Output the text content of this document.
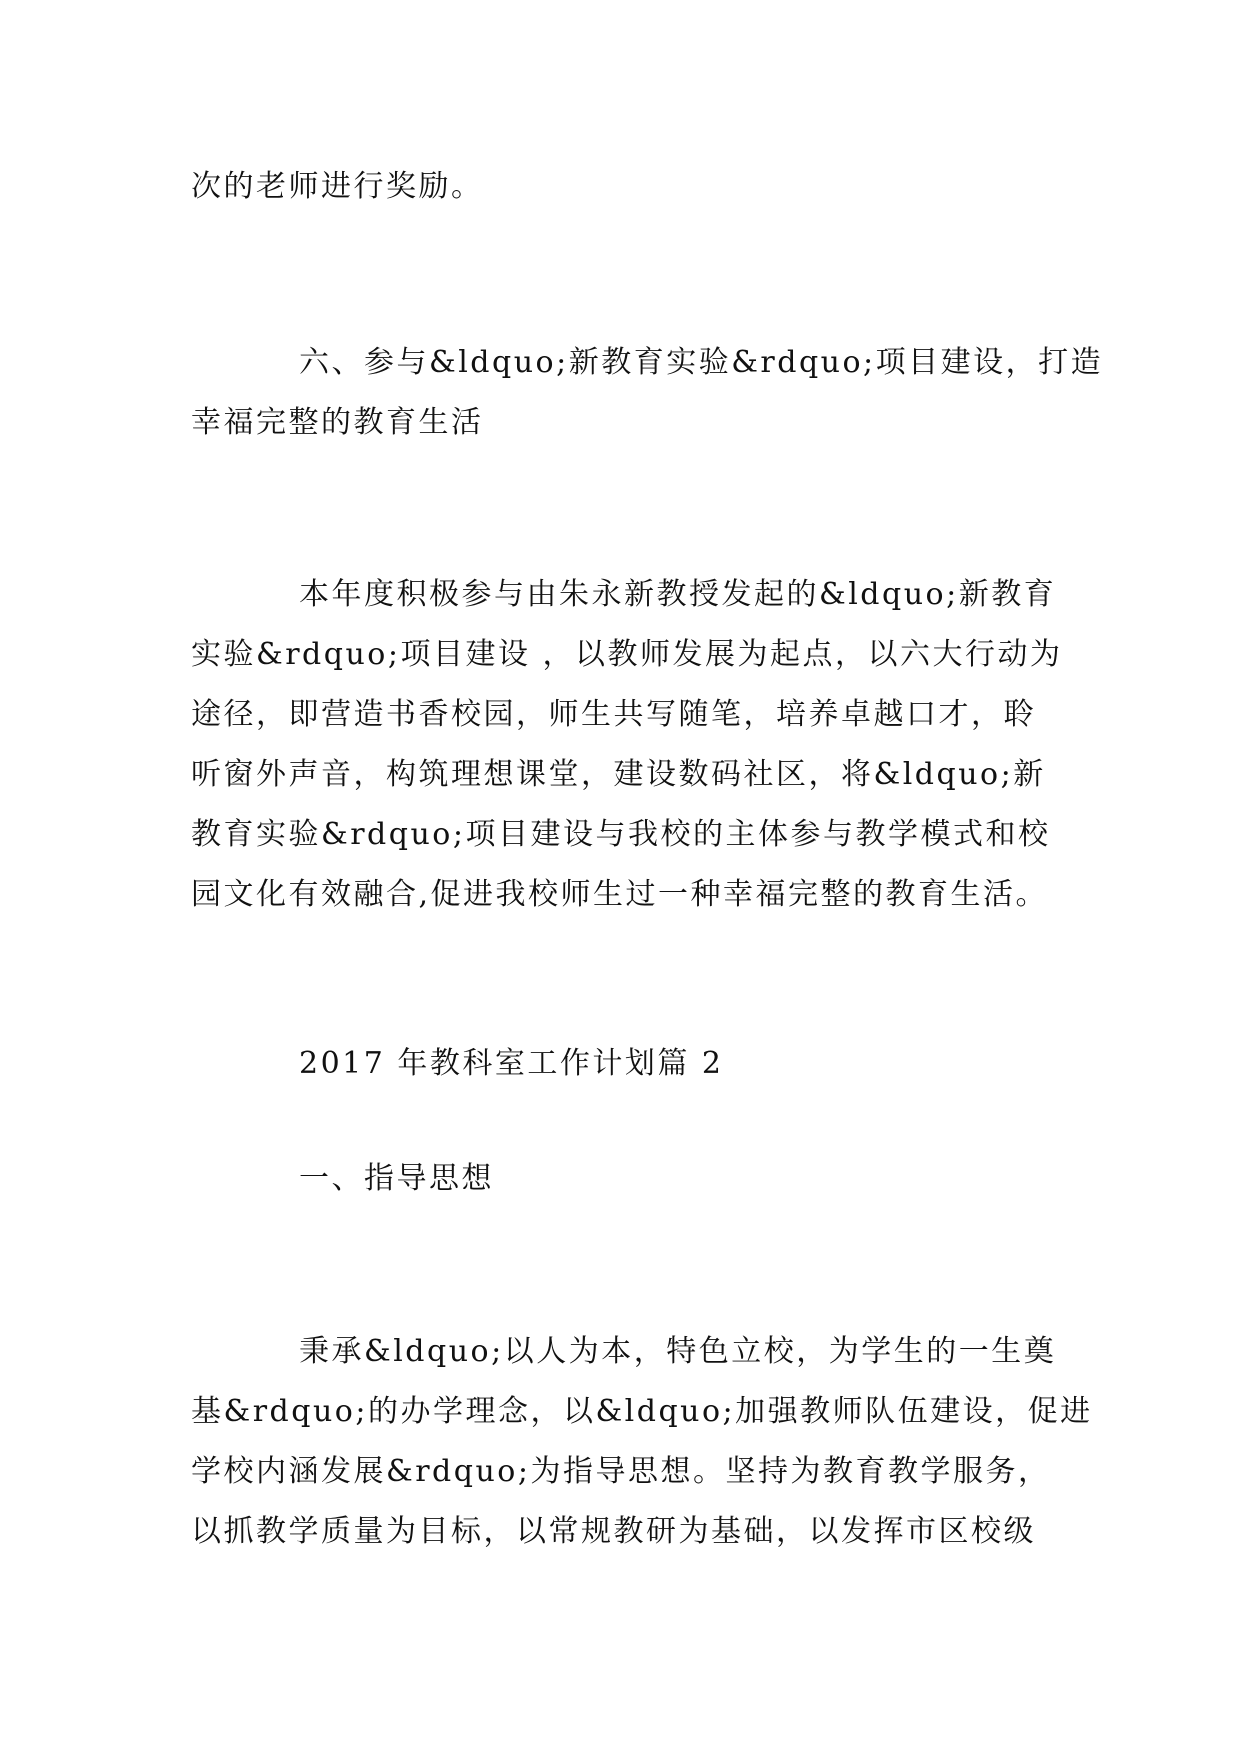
次的老师进行奖励。
六、参与&ldquo;新教育实验&rdquo;项目建设，打造
幸福完整的教育生活
本年度积极参与由朱永新教授发起的&ldquo;新教育
实验&rdquo;项目建设 ，以教师发展为起点，以六大行动为
途径，即营造书香校园，师生共写随笔，培养卓越口才，聆
听窗外声音，构筑理想课堂，建设数码社区，将&ldquo;新
教育实验&rdquo;项目建设与我校的主体参与教学模式和校
园文化有效融合,促进我校师生过一种幸福完整的教育生活。
2017 年教科室工作计划篇 2
一、指导思想
秉承&ldquo;以人为本，特色立校，为学生的一生奠
基&rdquo;的办学理念，以&ldquo;加强教师队伍建设，促进
学校内涵发展&rdquo;为指导思想。坚持为教育教学服务，
以抓教学质量为目标，以常规教研为基础，以发挥市区校级
